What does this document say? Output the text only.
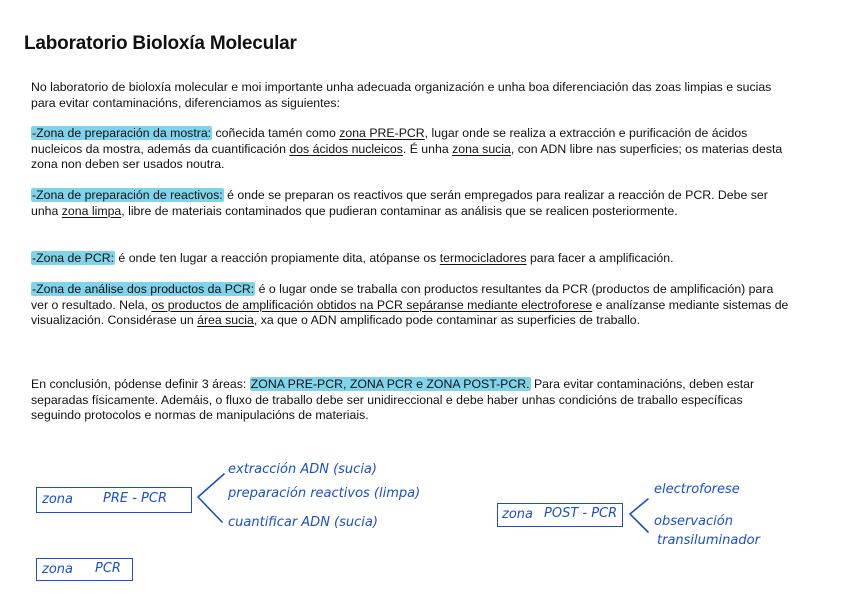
Laboratorio Bioloxía Molecular

No laboratorio de bioloxía molecular e moi importante unha adecuada organización e unha boa diferenciación das zoas limpias e sucias para evitar contaminacións, diferenciamos as siguientes:

-Zona de preparación da mostra: coñecida tamén como zona PRE-PCR, lugar onde se realiza a extracción e purificación de ácidos nucleicos da mostra, además da cuantificación dos ácidos nucleicos. É unha zona sucia, con ADN libre nas superficies; os materias desta zona non deben ser usados noutra.

-Zona de preparación de reactivos: é onde se preparan os reactivos que serán empregados para realizar a reacción de PCR. Debe ser unha zona limpa, libre de materiais contaminados que pudieran contaminar as análisis que se realicen posteriormente.

-Zona de PCR: é onde ten lugar a reacción propiamente dita, atópanse os termocicladores para facer a amplificación.

-Zona de análise dos productos da PCR: é o lugar onde se traballa con productos resultantes da PCR (productos de amplificación) para ver o resultado. Nela, os productos de amplificación obtidos na PCR sepáranse mediante electroforese e analízanse mediante sistemas de visualización. Considérase un área sucia, xa que o ADN amplificado pode contaminar as superficies de traballo.

En conclusión, pódense definir 3 áreas: ZONA PRE-PCR, ZONA PCR e ZONA POST-PCR. Para evitar contaminacións, deben estar separadas físicamente. Ademáis, o fluxo de traballo debe ser unidireccional e debe haber unhas condicións de traballo específicas seguindo protocolos e normas de manipulacións de materiais.

zona PRE - PCR
extracción ADN (sucia)
preparación reactivos (limpa)
cuantificar ADN (sucia)
zona POST - PCR
electroforese
observación
transiluminador
zona PCR
